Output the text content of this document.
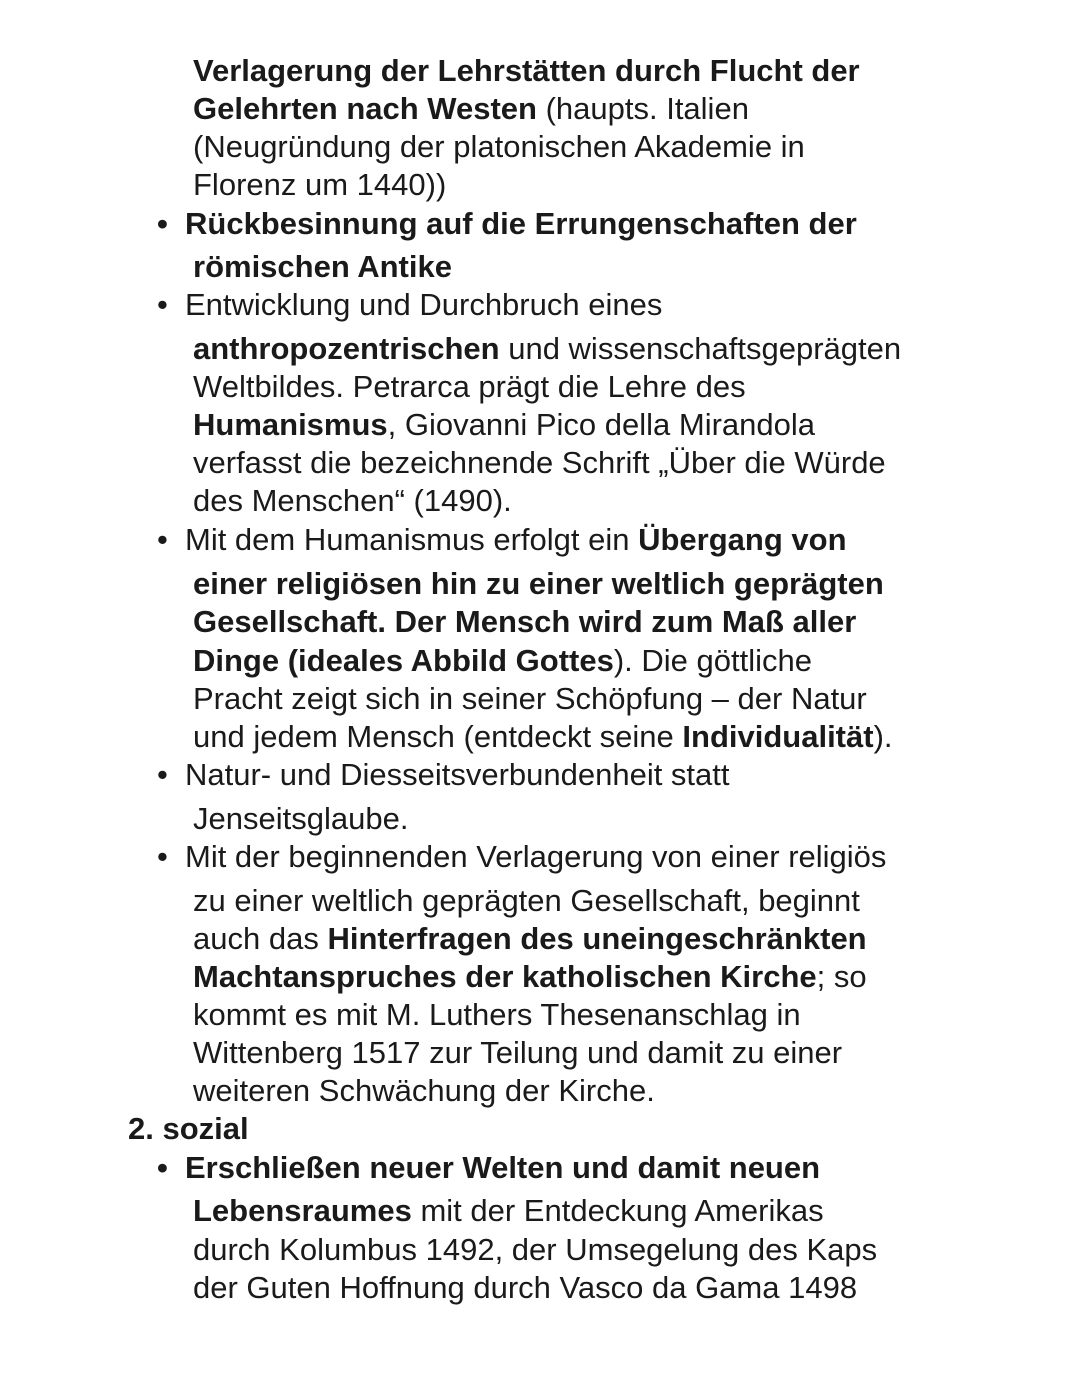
Verlagerung der Lehrstätten durch Flucht der
Gelehrten nach Westen (haupts. Italien
(Neugründung der platonischen Akademie in
Florenz um 1440))
• Rückbesinnung auf die Errungenschaften der
römischen Antike
• Entwicklung und Durchbruch eines
anthropozentrischen und wissenschaftsgeprägten
Weltbildes. Petrarca prägt die Lehre des
Humanismus, Giovanni Pico della Mirandola
verfasst die bezeichnende Schrift „Über die Würde
des Menschen“ (1490).
• Mit dem Humanismus erfolgt ein Übergang von
einer religiösen hin zu einer weltlich geprägten
Gesellschaft. Der Mensch wird zum Maß aller
Dinge (ideales Abbild Gottes). Die göttliche
Pracht zeigt sich in seiner Schöpfung – der Natur
und jedem Mensch (entdeckt seine Individualität).
• Natur- und Diesseitsverbundenheit statt
Jenseitsglaube.
• Mit der beginnenden Verlagerung von einer religiös
zu einer weltlich geprägten Gesellschaft, beginnt
auch das Hinterfragen des uneingeschränkten
Machtanspruches der katholischen Kirche; so
kommt es mit M. Luthers Thesenanschlag in
Wittenberg 1517 zur Teilung und damit zu einer
weiteren Schwächung der Kirche.
2. sozial
• Erschließen neuer Welten und damit neuen
Lebensraumes mit der Entdeckung Amerikas
durch Kolumbus 1492, der Umsegelung des Kaps
der Guten Hoffnung durch Vasco da Gama 1498
